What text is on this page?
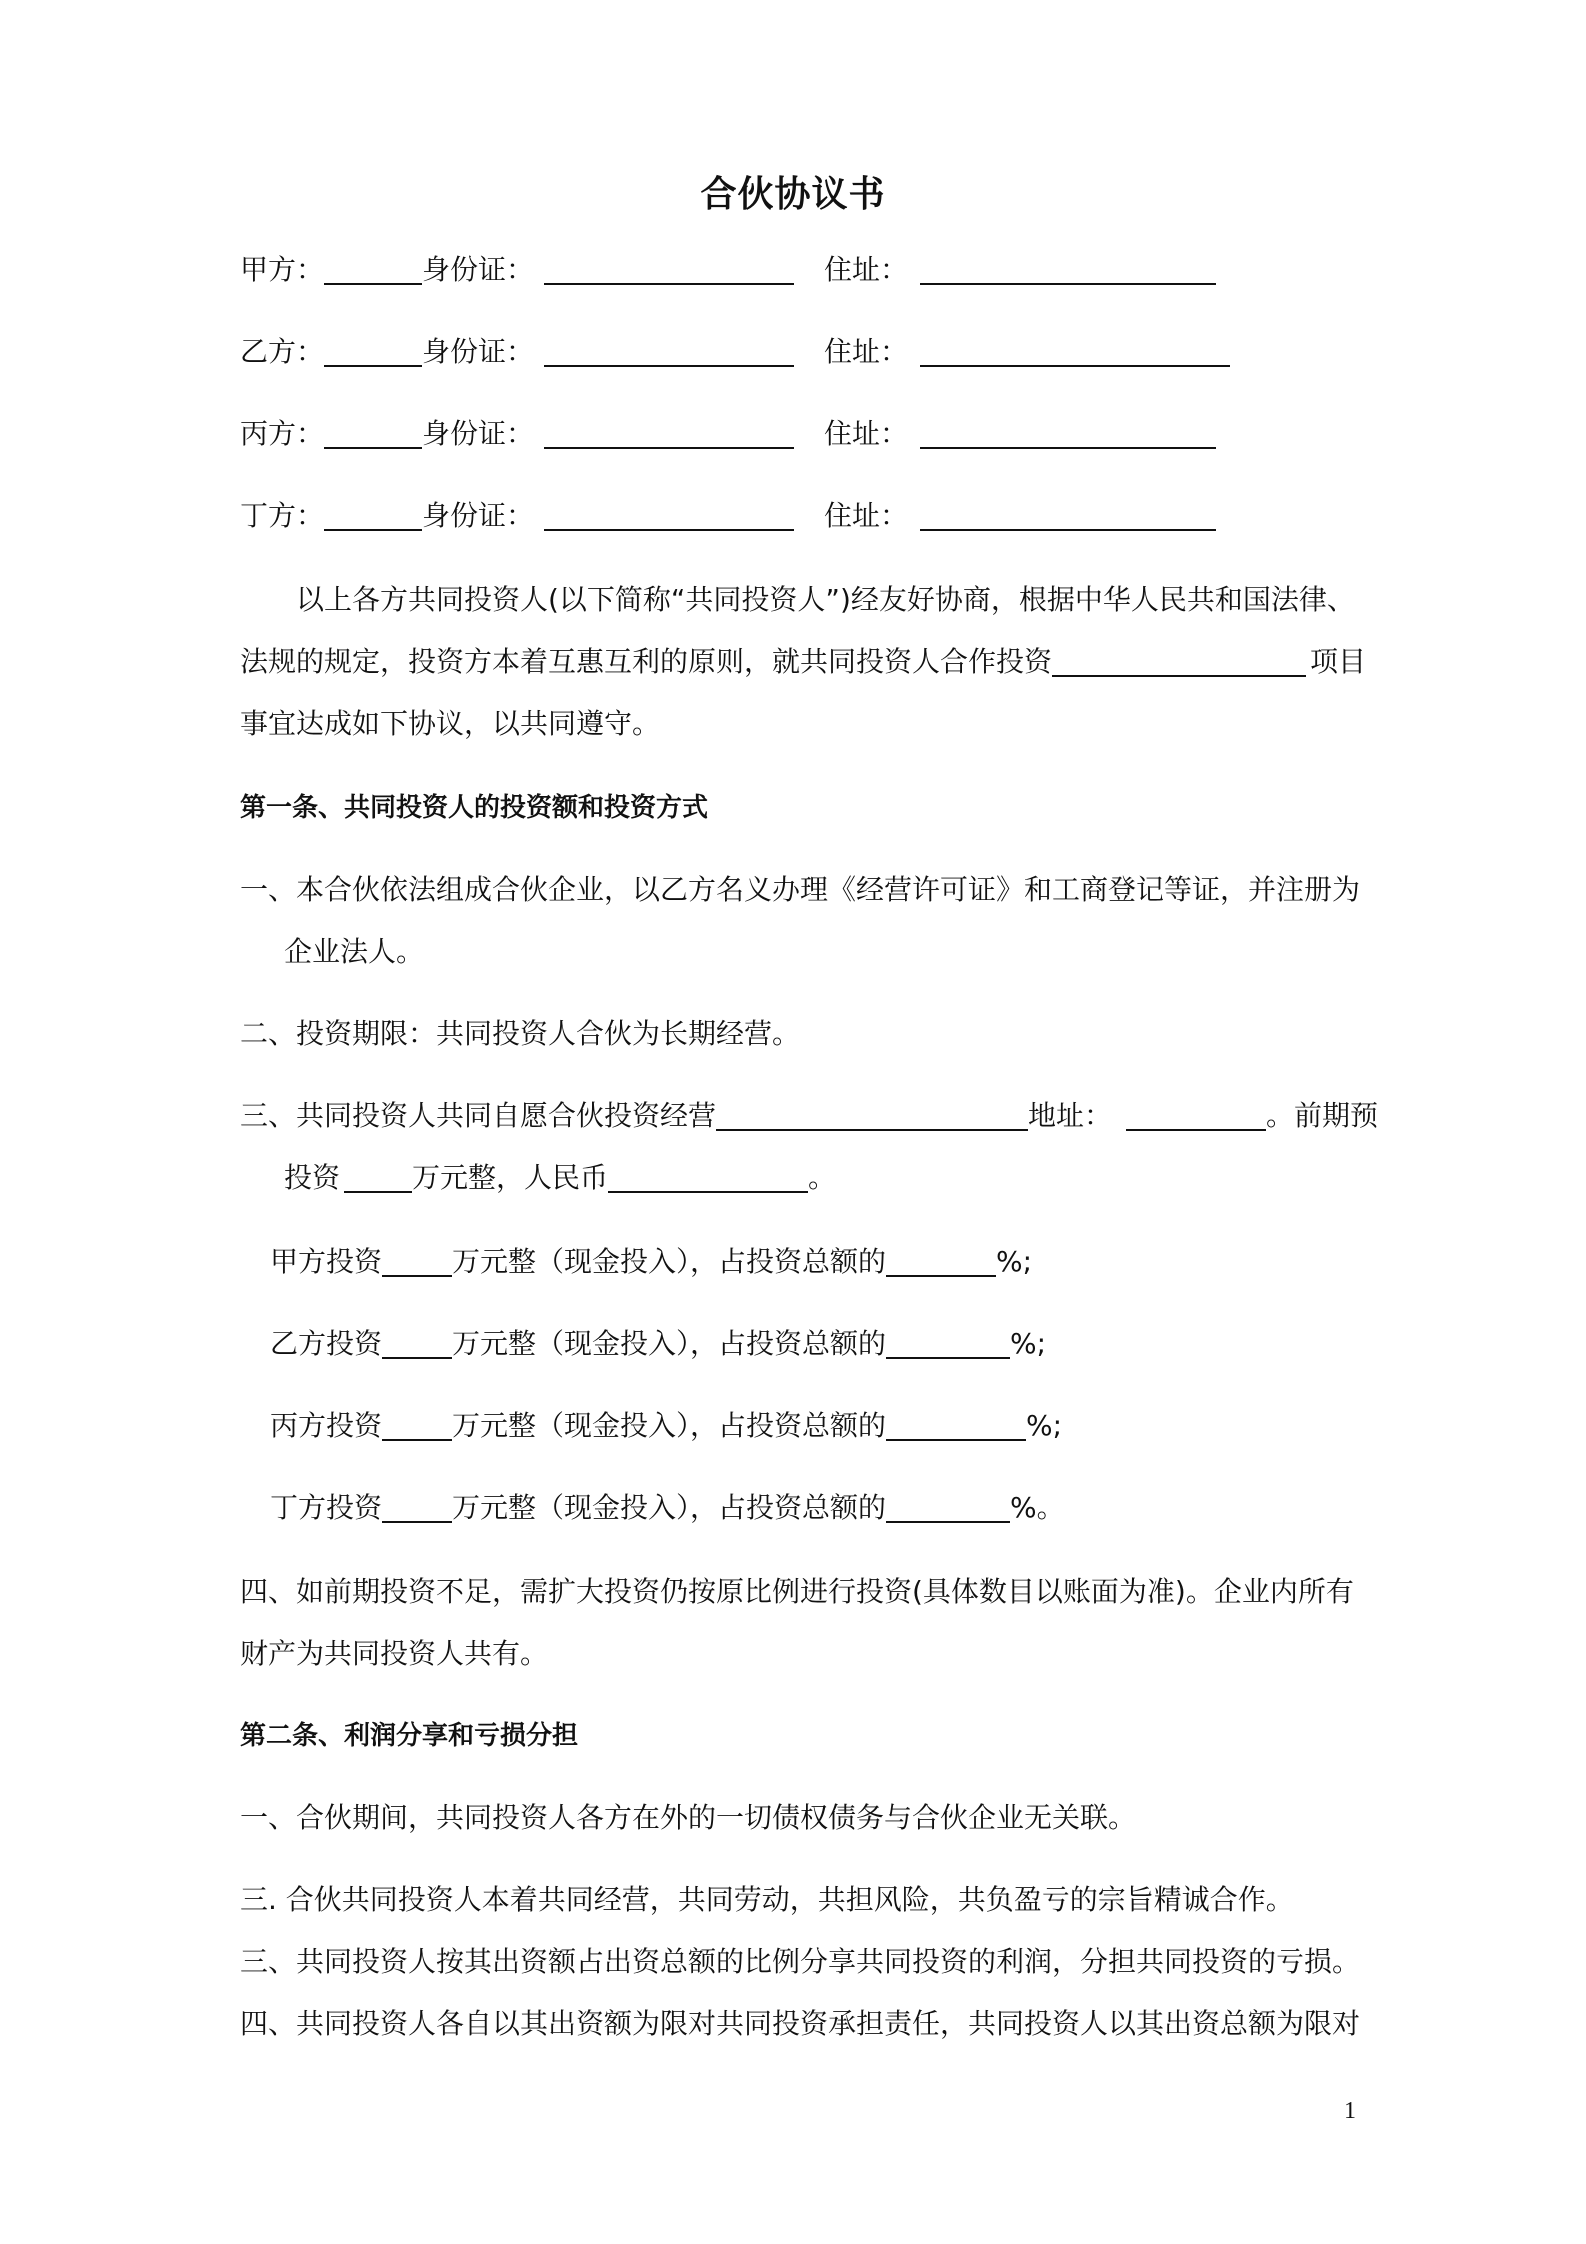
合伙协议书
甲方：	身份证：	住址：
乙方：	身份证：	住址：
丙方：	身份证：	住址：
丁方：	身份证：	住址：
以上各方共同投资人(以下简称“共同投资人”)经友好协商，根据中华人民共和国法律、
法规的规定，投资方本着互惠互利的原则，就共同投资人合作投资	项目
事宜达成如下协议，以共同遵守。
第一条、共同投资人的投资额和投资方式
一、本合伙依法组成合伙企业，以乙方名义办理《经营许可证》和工商登记等证，并注册为
企业法人。
二、投资期限：共同投资人合伙为长期经营。
三、共同投资人共同自愿合伙投资经营	地址：	。前期预
投资	万元整，人民币	。
甲方投资	万元整（现金投入），占投资总额的	%;
乙方投资	万元整（现金投入），占投资总额的	%;
丙方投资	万元整（现金投入），占投资总额的	%;
丁方投资	万元整（现金投入），占投资总额的	%。
四、如前期投资不足，需扩大投资仍按原比例进行投资(具体数目以账面为准)。企业内所有
财产为共同投资人共有。
第二条、利润分享和亏损分担
一、合伙期间，共同投资人各方在外的一切债权债务与合伙企业无关联。
三. 合伙共同投资人本着共同经营，共同劳动，共担风险，共负盈亏的宗旨精诚合作。
三、共同投资人按其出资额占出资总额的比例分享共同投资的利润，分担共同投资的亏损。
四、共同投资人各自以其出资额为限对共同投资承担责任，共同投资人以其出资总额为限对
1
